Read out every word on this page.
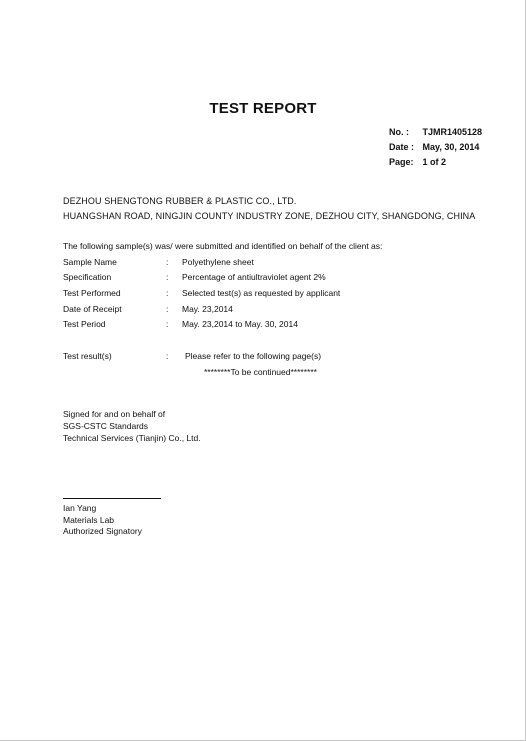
TEST REPORT
No. : TJMR1405128
Date : May, 30, 2014
Page: 1 of 2
DEZHOU SHENGTONG RUBBER & PLASTIC CO., LTD.
HUANGSHAN ROAD, NINGJIN COUNTY INDUSTRY ZONE, DEZHOU CITY, SHANGDONG, CHINA
The following sample(s) was/ were submitted and identified on behalf of the client as:
Sample Name	: Polyethylene sheet
Specification	: Percentage of antiultraviolet agent 2%
Test Performed	: Selected test(s) as requested by applicant
Date of Receipt	: May. 23,2014
Test Period	: May. 23,2014 to May. 30, 2014
Test result(s)	: Please refer to the following page(s)
********To be continued********
Signed for and on behalf of
SGS-CSTC Standards
Technical Services (Tianjin) Co., Ltd.
Ian Yang
Materials Lab
Authorized Signatory
